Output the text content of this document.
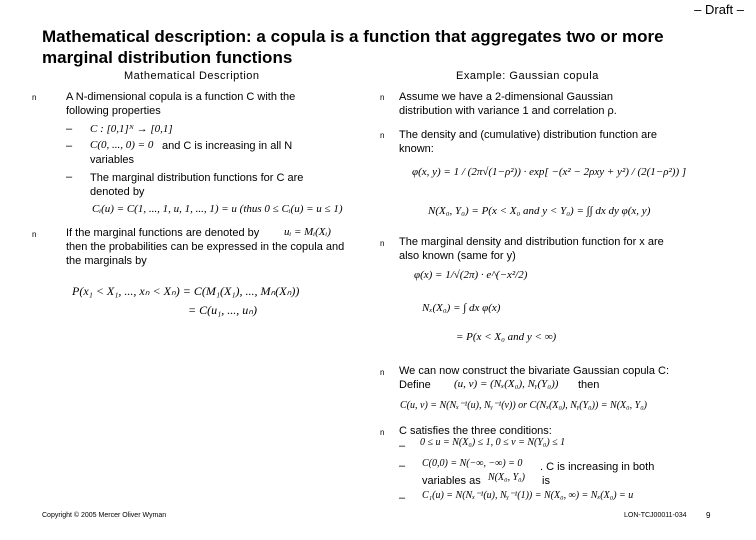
– Draft –
Mathematical description: a copula is a function that aggregates two or more marginal distribution functions
Mathematical Description
n	A N-dimensional copula is a function C with the following properties
– C : [0,1]ᴺ → [0,1]
– C(0, ..., 0) = 0 and C is increasing in all N variables
– The marginal distribution functions for C are denoted by
Cᵢ(u) = C(1, ..., 1, u, 1, ..., 1) = u (thus 0 ≤ Cᵢ(u) = u ≤ 1)
n	If the marginal functions are denoted by uᵢ = Mᵢ(Xᵢ)
then the probabilities can be expressed in the copula and the marginals by
P(x₁ < X₁, ..., xₙ < Xₙ) = C(M₁(X₁), ..., Mₙ(Xₙ))
= C(u₁, ..., uₙ)
Example: Gaussian copula
n Assume we have a 2-dimensional Gaussian distribution with variance 1 and correlation ρ.
n The density and (cumulative) distribution function are known:
φ(x, y) = 1 / (2π√(1−ρ²)) · exp[ −(x² − 2ρxy + y²) / (2(1−ρ²)) ]
N(X₀, Y₀) = P(x < X₀ and y < Y₀) = ∫∫ dx dy φ(x, y)
n The marginal density and distribution function for x are also known (same for y)
φ(x) = 1/√(2π) · e^(−x²/2)
Nₓ(X₀) = ∫ dx φ(x)
= P(x < X₀ and y < ∞)
n We can now construct the bivariate Gaussian copula C: Define	(u, v) = (Nₓ(X₀), Nᵧ(Y₀)) then
C(u, v) = N(Nₓ⁻¹(u), Nᵧ⁻¹(v)) or C(Nₓ(X₀), Nᵧ(Y₀)) = N(X₀, Y₀)
n C satisfies the three conditions:
– 0 ≤ u = N(X₀) ≤ 1, 0 ≤ v = N(Y₀) ≤ 1
– C(0,0) = N(−∞, −∞) = 0	. C is increasing in both variables as N(X₀, Y₀) is
– C₁(u) = N(Nₓ⁻¹(u), Nᵧ⁻¹(1)) = N(X₀, ∞) = Nₓ(X₀) = u
Copyright © 2005 Mercer Oliver Wyman	LON-TCJ00011-034 9
